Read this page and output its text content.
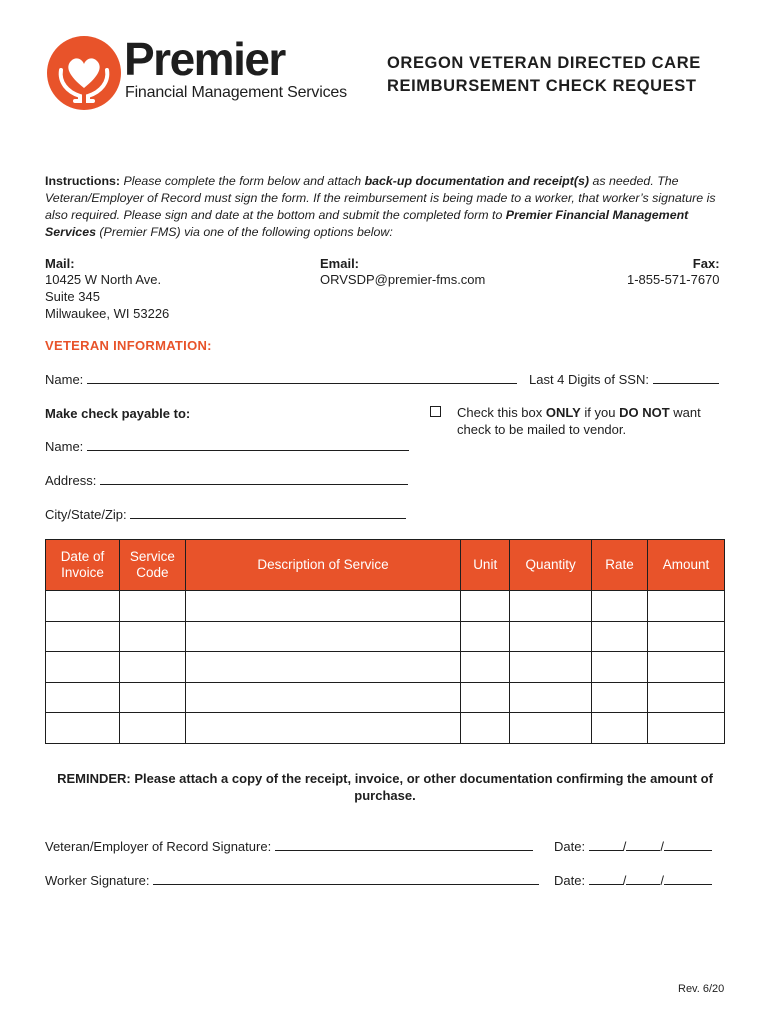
Premier
Financial Management Services
OREGON VETERAN DIRECTED CARE
REIMBURSEMENT CHECK REQUEST
Instructions: Please complete the form below and attach back-up documentation and receipt(s) as needed. The Veteran/Employer of Record must sign the form. If the reimbursement is being made to a worker, that worker’s signature is also required. Please sign and date at the bottom and submit the completed form to Premier Financial Management Services (Premier FMS) via one of the following options below:
Mail:
10425 W North Ave.
Suite 345
Milwaukee, WI 53226
Email:
ORVSDP@premier-fms.com
Fax:
1-855-571-7670
VETERAN INFORMATION:
Name:	Last 4 Digits of SSN:
Make check payable to:	Check this box ONLY if you DO NOT want check to be mailed to vendor.
Name:
Address:
City/State/Zip:
Date of Invoice	Service Code	Description of Service	Unit	Quantity	Rate	Amount

REMINDER: Please attach a copy of the receipt, invoice, or other documentation confirming the amount of purchase.
Veteran/Employer of Record Signature:	Date:	/	/
Worker Signature:	Date:	/	/
Rev. 6/20
